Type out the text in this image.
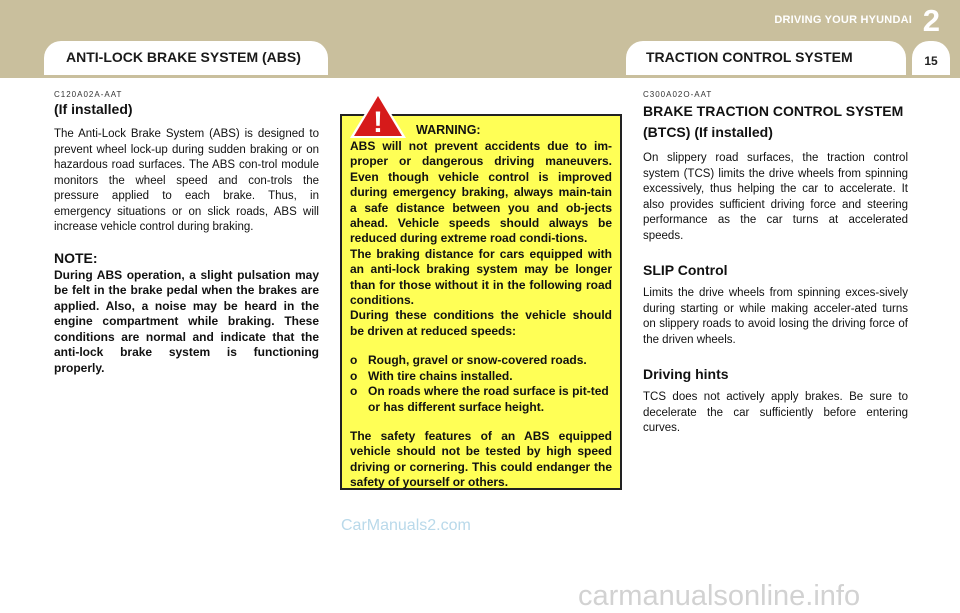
DRIVING YOUR HYUNDAI 2
ANTI-LOCK BRAKE SYSTEM (ABS)	TRACTION CONTROL SYSTEM	15

C120A02A-AAT

(If installed)

The Anti-Lock Brake System (ABS) is designed to prevent wheel lock-up during sudden braking or on hazardous road surfaces. The ABS con-trol module monitors the wheel speed and con-trols the pressure applied to each brake. Thus, in emergency situations or on slick roads, ABS will increase vehicle control during braking.

NOTE:

During ABS operation, a slight pulsation may be felt in the brake pedal when the brakes are applied. Also, a noise may be heard in the engine compartment while braking. These conditions are normal and indicate that the anti-lock brake system is functioning properly.

WARNING:

ABS will not prevent accidents due to im-proper or dangerous driving maneuvers. Even though vehicle control is improved during emergency braking, always main-tain a safe distance between you and ob-jects ahead. Vehicle speeds should always be reduced during extreme road condi-tions.

The braking distance for cars equipped with an anti-lock braking system may be longer than for those without it in the following road conditions.

During these conditions the vehicle should be driven at reduced speeds:

o Rough, gravel or snow-covered roads.
o With tire chains installed.
o On roads where the road surface is pit-ted or has different surface height.

The safety features of an ABS equipped vehicle should not be tested by high speed driving or cornering. This could endanger the safety of yourself or others.

!

C300A02O-AAT

BRAKE TRACTION CONTROL SYSTEM (BTCS) (If installed)

On slippery road surfaces, the traction control system (TCS) limits the drive wheels from spinning excessively, thus helping the car to accelerate. It also provides sufficient driving force and steering performance as the car turns at accelerated speeds.

SLIP Control

Limits the drive wheels from spinning exces-sively during starting or while making acceler-ated turns on slippery roads to avoid losing the driving force of the driven wheels.

Driving hints

TCS does not actively apply brakes. Be sure to decelerate the car sufficiently before entering curves.

CarManuals2.com
carmanualsonline.info
